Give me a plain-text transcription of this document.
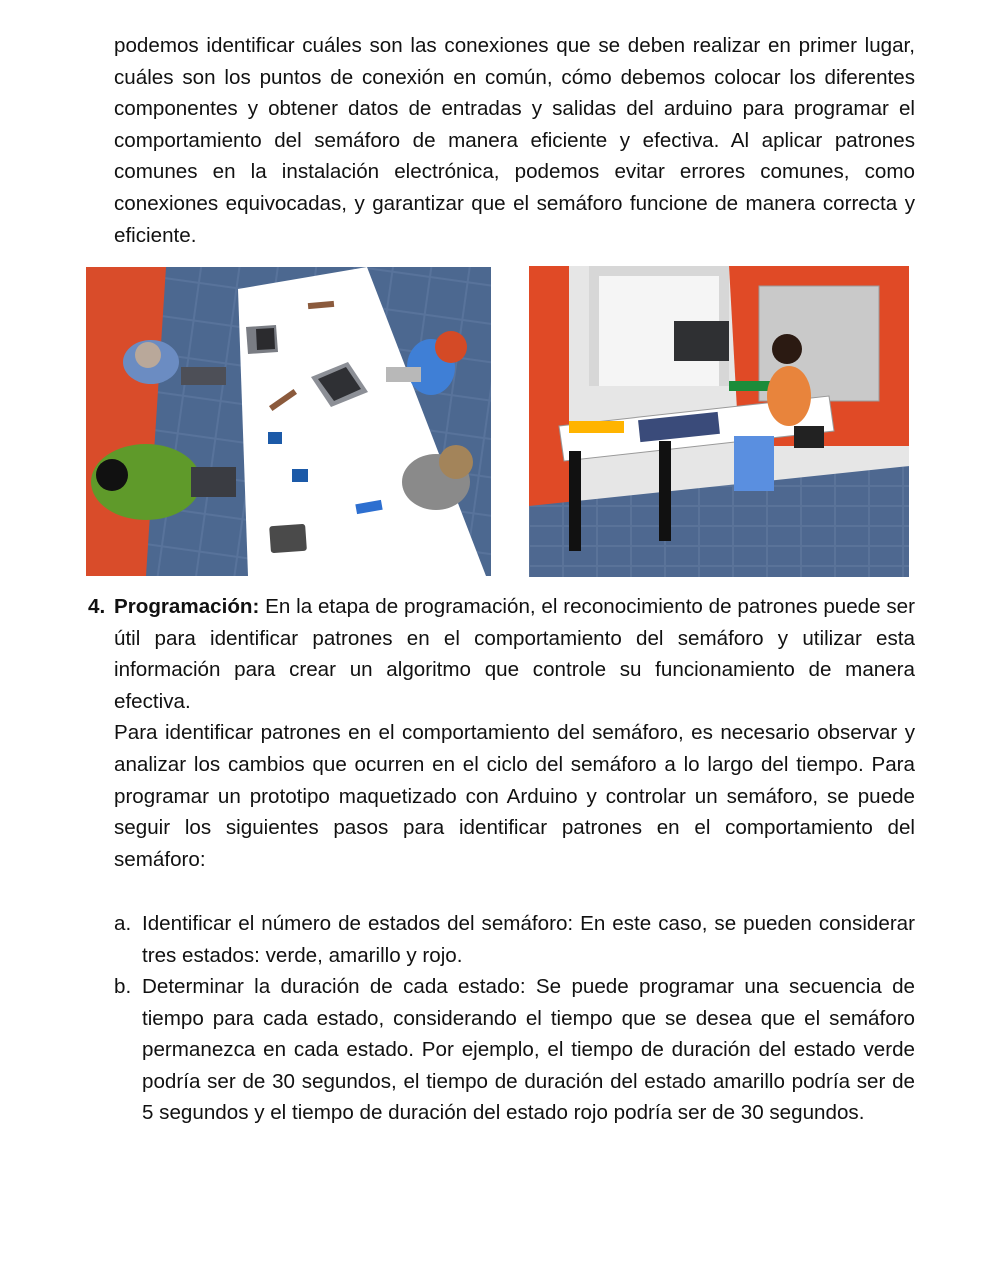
podemos identificar cuáles son las conexiones que se deben realizar en primer lugar, cuáles son los puntos de conexión en común, cómo debemos colocar los diferentes componentes y obtener datos de entradas y salidas del arduino para programar el comportamiento del semáforo de manera eficiente y efectiva. Al aplicar patrones comunes en la instalación electrónica, podemos evitar errores comunes, como conexiones equivocadas, y garantizar que el semáforo funcione de manera correcta y eficiente.

4. Programación: En la etapa de programación, el reconocimiento de patrones puede ser útil para identificar patrones en el comportamiento del semáforo y utilizar esta información para crear un algoritmo que controle su funcionamiento de manera efectiva.
Para identificar patrones en el comportamiento del semáforo, es necesario observar y analizar los cambios que ocurren en el ciclo del semáforo a lo largo del tiempo. Para programar un prototipo maquetizado con Arduino y controlar un semáforo, se puede seguir los siguientes pasos para identificar patrones en el comportamiento del semáforo:
a. Identificar el número de estados del semáforo: En este caso, se pueden considerar tres estados: verde, amarillo y rojo.
b. Determinar la duración de cada estado: Se puede programar una secuencia de tiempo para cada estado, considerando el tiempo que se desea que el semáforo permanezca en cada estado. Por ejemplo, el tiempo de duración del estado verde podría ser de 30 segundos, el tiempo de duración del estado amarillo podría ser de 5 segundos y el tiempo de duración del estado rojo podría ser de 30 segundos.
